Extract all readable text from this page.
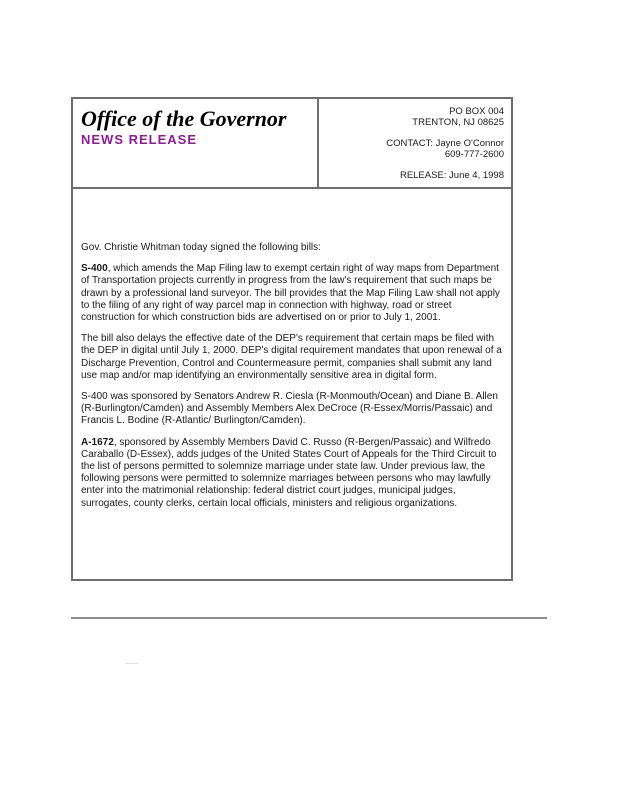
Office of the Governor
NEWS RELEASE
PO BOX 004
TRENTON, NJ 08625
CONTACT: Jayne O'Connor
609-777-2600
RELEASE: June 4, 1998

Gov. Christie Whitman today signed the following bills:

S-400, which amends the Map Filing law to exempt certain right of way maps from Department of Transportation projects currently in progress from the law's requirement that such maps be drawn by a professional land surveyor. The bill provides that the Map Filing Law shall not apply to the filing of any right of way parcel map in connection with highway, road or street construction for which construction bids are advertised on or prior to July 1, 2001.

The bill also delays the effective date of the DEP's requirement that certain maps be filed with the DEP in digital until July 1, 2000. DEP's digital requirement mandates that upon renewal of a Discharge Prevention, Control and Countermeasure permit, companies shall submit any land use map and/or map identifying an environmentally sensitive area in digital form.

S-400 was sponsored by Senators Andrew R. Ciesla (R-Monmouth/Ocean) and Diane B. Allen (R-Burlington/Camden) and Assembly Members Alex DeCroce (R-Essex/Morris/Passaic) and Francis L. Bodine (R-Atlantic/ Burlington/Camden).

A-1672, sponsored by Assembly Members David C. Russo (R-Bergen/Passaic) and Wilfredo Caraballo (D-Essex), adds judges of the United States Court of Appeals for the Third Circuit to the list of persons permitted to solemnize marriage under state law. Under previous law, the following persons were permitted to solemnize marriages between persons who may lawfully enter into the matrimonial relationship: federal district court judges, municipal judges, surrogates, county clerks, certain local officials, ministers and religious organizations.
